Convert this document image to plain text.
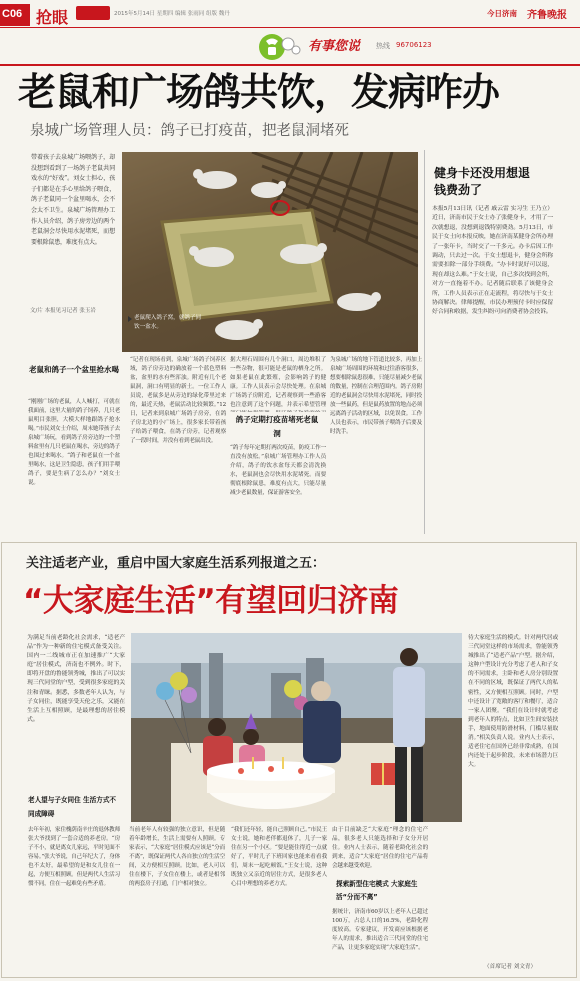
C06 抢眼	2015年5月14日 星期四 编辑 张雨同 组版 魏丹	今日济南 齐鲁晚报
有事您说 热线 96706123
老鼠和广场鸽共饮，发病咋办
泉城广场管理人员：鸽子已打疫苗，把老鼠洞堵死
带着孩子去泉城广场喂鸽子，却没想到看到了一场鸽子老鼠共同戏水的“好戏”。刘女士担心，孩子们都是在手心里给鸽子喂食，鸽子老鼠同一个盆里喝水，会不会太不卫生。泉城广场管理办工作人员介绍，鸽子房旁边的两个老鼠洞会尽快用水泥堵死，而想要根除鼠患，难度有点大。
文/片 本报见习记者 张玉岩
老鼠爬入鸽子窝，就鸽子同饮一盆水。
老鼠和鸽子一个盆里抢水喝
“刚刚广场的老鼠，人人喊打，可就在我面前，这里大量的鸽子饲养，几只老鼠明目张胆，大模大样地跟鸽子抢水喝。”市民刘女士介绍，周末她带孩子去泉城广场玩，看到鸽子房旁边的一个塑料盆里有几只老鼠在喝水，旁边的鸽子也围过来喝水。“鸽子和老鼠在一个盆里喝水，这是卫生隐患，孩子们用手喂鸽子，要是生病了怎么办？”刘女士说。
“记者在现场看到，泉城广场鸽子饲养区域，鸽子房旁边的确放着一个蓝色塑料盆，盆里的水有些浑浊。附近有几个老鼠洞，洞口有明显的新土。一位工作人员说，老鼠多是从旁边的绿化带里过来的，最近天热，老鼠活动比较频繁。”12日，记者来到泉城广场鸽子房旁，在鸽子房北边的小广场上，很多家长带着孩子给鸽子喂食，在鸽子房旁，记者观察了一段时间，并没有看到老鼠出没。
据大理石周围有几个洞口，周边堆积了一些杂物，很可能是老鼠的栖身之所。如果老鼠在此繁殖，会影响鸽子的健康。工作人员表示会尽快处理。在泉城广场鸽子房附近，记者观察到一些游客也注意到了这个问题，并表示希望管理
鸽子定期打疫苗堵死老鼠洞
“鸽子每年定期打两次疫苗，防疫工作一直没有放松。”泉城广场管理办工作人员介绍，鸽子的饮水盆每天都会清洗换水，老鼠洞也会尽快用水泥堵死。而要彻底根除鼠患，难度有点大，只能尽量减少老鼠数量，保证游客安全。
为泉城广场的地下管道比较多，再加上泉城广场周围的环境和过往游客很多，想要根除鼠患很难，只能尽量减少老鼠的数量，控制在合理范围内。鸽子房附近的老鼠洞会尽快用水泥堵死，同时投放一些鼠药，但是鼠药放置的地点必须远离鸽子活动的区域，以免误食。工作人员也表示，市民带孩子喂鸽子后要及时洗手。
健身卡还没用想退钱费劲了
本报5月13日讯（记者 戚云雷 实习生 王乃立）近日，济南市民于女士办了张健身卡，才用了一次就想退，没想到退钱特别费劲。5月13日，市民于女士向本报反映，她在济南某健身会所办理了一张年卡，当时交了一千多元。办卡后因工作调动，只去过一次。于女士想退卡，健身会所称需要扣除一部分手续费。“办卡时说好可以退，现在却这么难。”于女士说，自己多次找到会所，对方一直拖着不办。记者随后联系了该健身会所，工作人员表示正在走流程，将尽快与于女士协商解决。律师提醒，市民办理预付卡时应保留好合同和收据，发生纠纷可向消费者协会投诉。
关注适老产业，重启中国大家庭生活系列报道之五：
“大家庭生活”有望回归济南
为满足当前老龄化社会需求，“适老产品”作为一种新的住宅模式备受关注。国内一二线城市正在加速推广“大家庭”居住模式，济南也不例外。时下，即将开盘的鲁能领秀城，推出了可以实现三代同堂的户型，受到很多家庭的关注和青睐。据悉，多数老年人认为，与子女同住，既能享受天伦之乐，又能在生活上互相照顾，是最理想的居住模式。
老人望与子女同住 生活方式不同成障碍
去年年初，家住槐荫南辛庄的退休教师张大爷找到了一套合适的养老房。“房子不小，就是离女儿家远，平时见面不容易。”张大爷说，自己年纪大了，身体也不太好，最希望的是和女儿住在一起，方便互相照顾。但是两代人生活习惯不同，住在一起难免有些矛盾。
当前老年人有较强的独立意识，但是随着年龄增长，生活上需要有人照顾。专家表示，“大家庭”居住模式应该是“分而不离”，既保证两代人各自独立的生活空间，又方便相互照顾。比如，老人可以住在楼下，子女住在楼上，或者是相邻的两套房子打通，门户相对独立。
“我们还年轻，能自己照顾自己。”市民王女士说，她和老伴都退休了，儿子一家住在另一个小区。“要是能住得近一点就好了，平时儿子下班回家也能来看看我们，周末一起吃顿饭。”王女士说，这种既独立又亲近的居住方式，是很多老人心目中理想的养老方式。
由于目前缺乏“大家庭”理念的住宅产品，很多老人只能选择和子女分开居住。业内人士表示，随着老龄化社会的到来，适合“大家庭”居住的住宅产品将会越来越受欢迎。
探索新型住宅模式 大家庭生活“分而不离”
据统计，济南市60岁以上老年人已超过100万，占总人口的16.5%，老龄化程度较高。专家建议，开发商应该根据老年人的需求，推出适合三代同堂的住宅产品，让更多家庭实现“大家庭生活”。
待大家庭生活的模式。针对两代居或三代同堂这样的市场需求，鲁能领秀城推出了“适老产品”户型。据介绍，这种户型设计充分考虑了老人和子女的不同需求，主卧和老人房分别设置在不同的区域，既保证了两代人的私密性，又方便相互照顾。同时，户型中还设计了宽敞的客厅和餐厅，适合一家人团聚。“我们在设计时就考虑到老年人的特点，比如卫生间安装扶手，地面使用防滑材料，门槛尽量取消。”相关负责人说。业内人士表示，适老住宅在国外已经非常成熟，在国内还处于起步阶段，未来市场潜力巨大。
（首席记者 刘文青）
